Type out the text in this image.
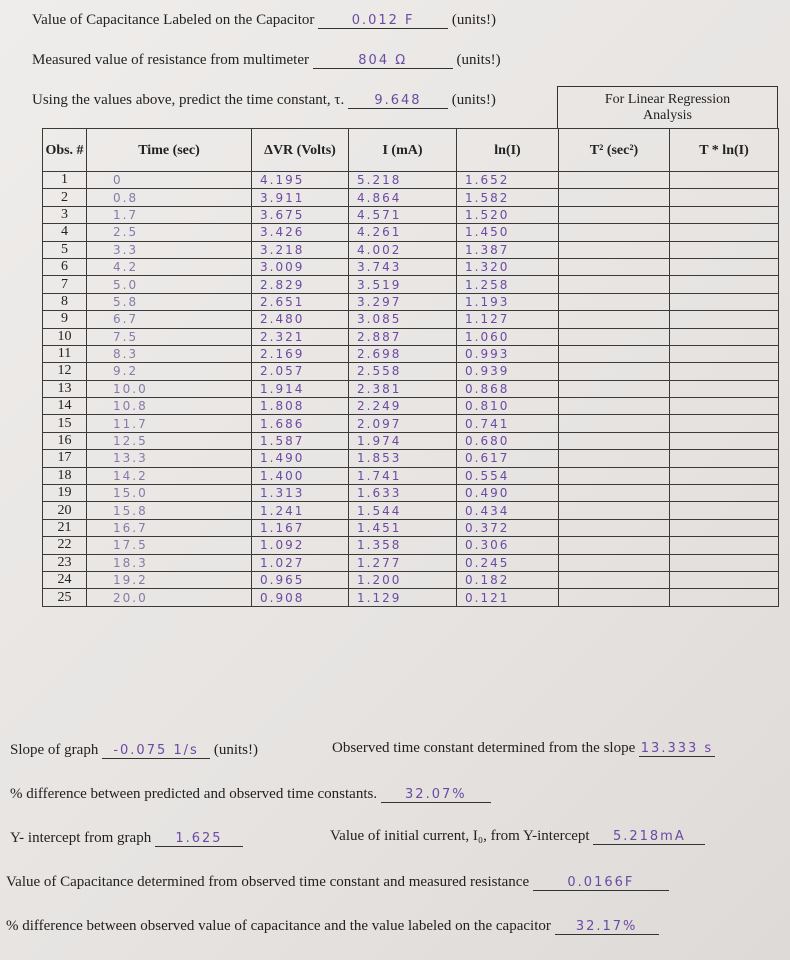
Value of Capacitance Labeled on the Capacitor	0.012 F (units!)
Measured value of resistance from multimeter	804 Ω	(units!)
Using the values above, predict the time constant, τ. 9.648 (units!)	For Linear Regression
Analysis
Obs. #	Time (sec)	ΔVR (Volts)	I (mA)	ln(I)	T² (sec²)	T * ln(I)
1	0	4.195	5.218	1.652		
2	0.8	3.911	4.864	1.582		
3	1.7	3.675	4.571	1.520		
4	2.5	3.426	4.261	1.450		
5	3.3	3.218	4.002	1.387		
6	4.2	3.009	3.743	1.320		
7	5.0	2.829	3.519	1.258		
8	5.8	2.651	3.297	1.193		
9	6.7	2.480	3.085	1.127		
10	7.5	2.321	2.887	1.060		
11	8.3	2.169	2.698	0.993		
12	9.2	2.057	2.558	0.939		
13	10.0	1.914	2.381	0.868		
14	10.8	1.808	2.249	0.810		
15	11.7	1.686	2.097	0.741		
16	12.5	1.587	1.974	0.680		
17	13.3	1.490	1.853	0.617		
18	14.2	1.400	1.741	0.554		
19	15.0	1.313	1.633	0.490		
20	15.8	1.241	1.544	0.434		
21	16.7	1.167	1.451	0.372		
22	17.5	1.092	1.358	0.306		
23	18.3	1.027	1.277	0.245		
24	19.2	0.965	1.200	0.182		
25	20.0	0.908	1.129	0.121		
Slope of graph -0.075 1/s (units!)	Observed time constant determined from the slope 13.333 s
% difference between predicted and observed time constants. 32.07%
Y- intercept from graph 1.625	Value of initial current, I₀, from Y-intercept 5.218mA
Value of Capacitance determined from observed time constant and measured resistance	0.0166F
% difference between observed value of capacitance and the value labeled on the capacitor 32.17%
